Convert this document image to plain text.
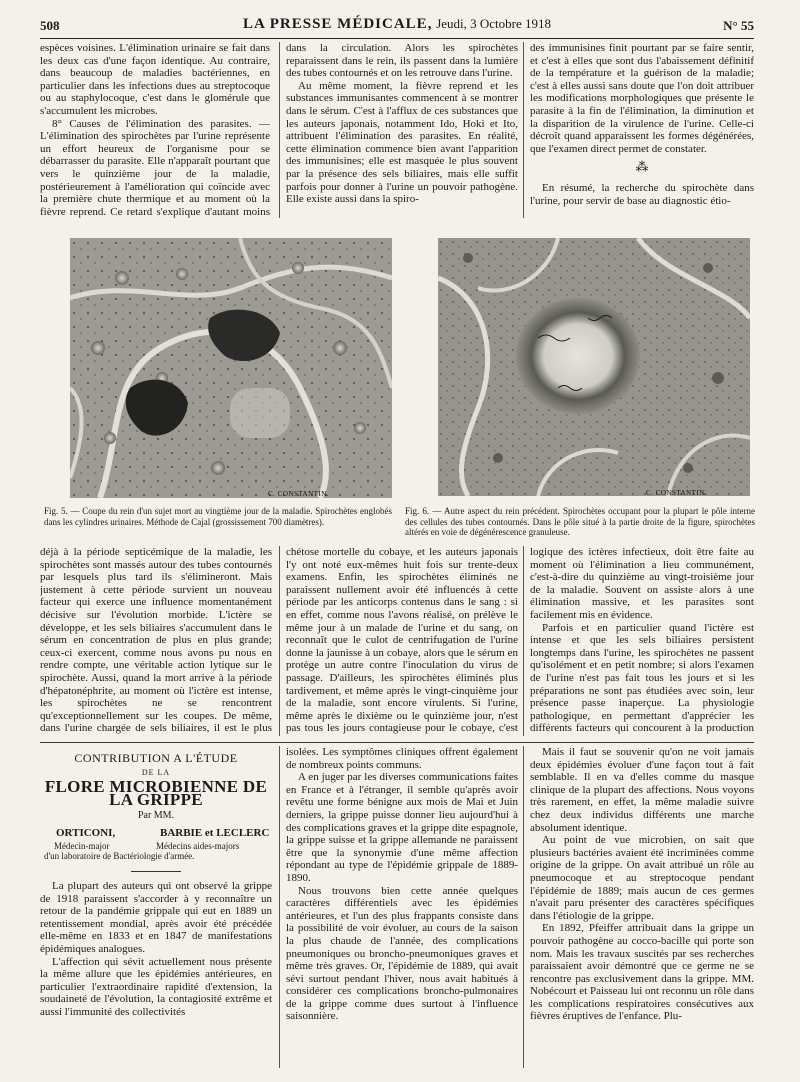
508	LA PRESSE MÉDICALE, Jeudi, 3 Octobre 1918	N° 55

espèces voisines. L'élimination urinaire se fait dans les deux cas d'une façon identique. Au contraire, dans beaucoup de maladies bactériennes, en particulier dans les infections dues au streptocoque ou au staphylocoque, c'est dans le glomérule que s'accumulent les microbes.

8° Causes de l'élimination des parasites. — L'élimination des spirochètes par l'urine représente un effort heureux de l'organisme pour se débarrasser du parasite. Elle n'apparaît pourtant que vers le quinzième jour de la maladie, postérieurement à l'amélioration qui coïncide avec la première chute thermique et au moment où la fièvre reprend. Ce retard s'explique d'autant moins

dans la circulation. Alors les spirochètes reparaissent dans le rein, ils passent dans la lumière des tubes contournés et on les retrouve dans l'urine.

Au même moment, la fièvre reprend et les substances immunisantes commencent à se montrer dans le sérum. C'est à l'afflux de ces substances que les auteurs japonais, notamment Ido, Hoki et Ito, attribuent l'élimination des parasites. En réalité, cette élimination commence bien avant l'apparition des immunisines; elle est masquée le plus souvent par la présence des sels biliaires, mais elle suffit parfois pour donner à l'urine un pouvoir pathogène. Elle existe aussi dans la spiro-

des immunisines finit pourtant par se faire sentir, et c'est à elles que sont dus l'abaissement définitif de la température et la guérison de la maladie; c'est à elles aussi sans doute que l'on doit attribuer les modifications morphologiques que présente le parasite à la fin de l'élimination, la diminution et la disparition de la virulence de l'urine. Celle-ci décroît quand apparaissent les formes dégénérées, que l'examen direct permet de constater.

⁂

En résumé, la recherche du spirochète dans l'urine, pour servir de base au diagnostic étio-

C. CONSTANTIN.	C. CONSTANTIN.
Fig. 5. — Coupe du rein d'un sujet mort au vingtième jour de la maladie. Spirochètes englobés dans les cylindres urinaires. Méthode de Cajal (grossissement 700 diamètres).
Fig. 6. — Autre aspect du rein précédent. Spirochètes occupant pour la plupart le pôle interne des cellules des tubes contournés. Dans le pôle situé à la partie droite de la figure, spirochètes altérés en voie de dégénérescence granuleuse.

déjà à la période septicémique de la maladie, les spirochètes sont massés autour des tubes contournés par lesquels plus tard ils s'élimineront. Mais justement à cette période survient un nouveau facteur qui exerce une influence momentanément décisive sur l'évolution morbide. L'ictère se développe, et les sels biliaires s'accumulent dans le sérum en concentration de plus en plus grande; ceux-ci exercent, comme nous avons pu nous en rendre compte, une véritable action lytique sur le spirochète. Aussi, quand la mort arrive à la période d'hépatonéphrite, au moment où l'ictère est intense, les spirochètes ne se rencontrent qu'exceptionnellement sur les coupes. De même, dans l'urine chargée de sels biliaires, il est le plus

chétose mortelle du cobaye, et les auteurs japonais l'y ont noté eux-mêmes huit fois sur trente-deux examens. Enfin, les spirochètes éliminés ne paraissent nullement avoir été influencés à cette période par les anticorps contenus dans le sang : si en effet, comme nous l'avons réalisé, on prélève le même jour à un malade de l'urine et du sang, on reconnaît que le culot de centrifugation de l'urine donne la jaunisse à un cobaye, alors que le sérum en protège un autre contre l'inoculation du virus de passage. D'ailleurs, les spirochètes éliminés plus tardivement, et même après le vingt-cinquième jour de la maladie, sont encore virulents. Si l'urine, même après le dixième ou le quinzième jour, n'est pas tous les jours contagieuse pour le cobaye, c'est

logique des ictères infectieux, doit être faite au moment où l'élimination a lieu communément, c'est-à-dire du quinzième au vingt-troisième jour de la maladie. Souvent on assiste alors à une élimination massive, et les parasites sont facilement mis en évidence.

Parfois et en particulier quand l'ictère est intense et que les sels biliaires persistent longtemps dans l'urine, les spirochètes ne passent qu'isolément et en petit nombre; si alors l'examen de l'urine n'est pas fait tous les jours et si les préparations ne sont pas étudiées avec soin, leur présence passe inaperçue. La physiologie pathologique, en permettant d'apprécier les différents facteurs qui concourent à la production

CONTRIBUTION A L'ÉTUDE
DE LA
FLORE MICROBIENNE DE LA GRIPPE
Par MM.
ORTICONI,	BARBIE et LECLERC
Médecin-major	Médecins aides-majors
d'un laboratoire de Bactériologie d'armée.

La plupart des auteurs qui ont observé la grippe de 1918 paraissent s'accorder à y reconnaître un retour de la pandémie grippale qui eut en 1889 un retentissement mondial, après avoir été précédée elle-même en 1833 et en 1847 de manifestations épidémiques analogues.

L'affection qui sévit actuellement nous présente la même allure que les épidémies antérieures, en particulier l'extraordinaire rapidité d'extension, la soudaineté de l'évolution, la contagiosité extrême et aussi l'immunité des collectivités

isolées. Les symptômes cliniques offrent également de nombreux points communs.

A en juger par les diverses communications faites en France et à l'étranger, il semble qu'après avoir revêtu une forme bénigne aux mois de Mai et Juin derniers, la grippe puisse donner lieu aujourd'hui à des complications graves et la grippe dite espagnole, la grippe suisse et la grippe allemande ne paraissent être que la synonymie d'une même affection répondant au type de l'épidémie grippale de 1889-1890.

Nous trouvons bien cette année quelques caractères différentiels avec les épidémies antérieures, et l'un des plus frappants consiste dans la possibilité de voir évoluer, au cours de la saison la plus chaude de l'année, des complications pneumoniques ou broncho-pneumoniques graves et même très graves. Or, l'épidémie de 1889, qui avait sévi surtout pendant l'hiver, nous avait habitués à considérer ces complications broncho-pulmonaires de la grippe comme dues surtout à l'influence saisonnière.

Mais il faut se souvenir qu'on ne voit jamais deux épidémies évoluer d'une façon tout à fait semblable. Il en va d'elles comme du masque clinique de la plupart des affections. Nous voyons très rarement, en effet, la même maladie suivre chez deux individus différents une marche absolument identique.

Au point de vue microbien, on sait que plusieurs bactéries avaient été incriminées comme origine de la grippe. On avait attribué un rôle au pneumocoque et au streptocoque pendant l'épidémie de 1889; mais aucun de ces germes n'avait paru présenter des caractères spécifiques dans l'étiologie de la grippe.

En 1892, Pfeiffer attribuait dans la grippe un pouvoir pathogène au cocco-bacille qui porte son nom. Mais les travaux suscités par ses recherches paraissaient avoir démontré que ce germe ne se rencontre pas exclusivement dans la grippe. MM. Nobécourt et Paisseau lui ont reconnu un rôle dans les complications respiratoires consécutives aux fièvres éruptives de l'enfance. Plu-
